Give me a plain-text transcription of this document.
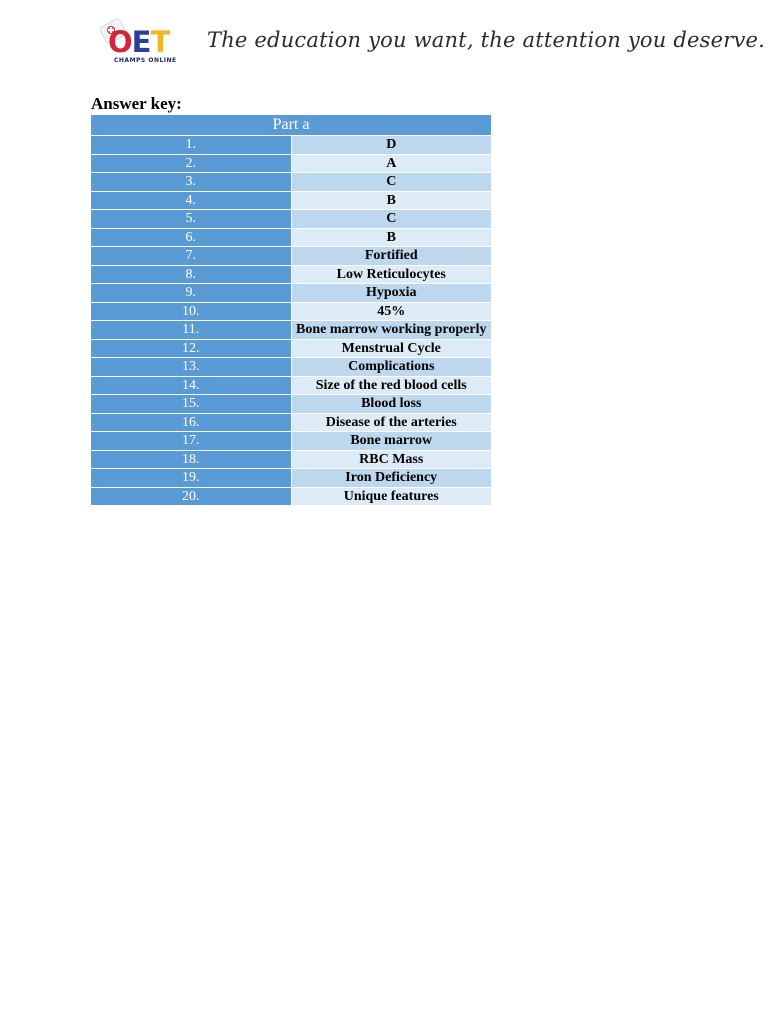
OET
CHAMPS ONLINE
The education you want, the attention you deserve.
Answer key:
Part a	
1.	D
2.	A
3.	C
4.	B
5.	C
6.	B
7.	Fortified
8.	Low Reticulocytes
9.	Hypoxia
10.	45%
11.	Bone marrow working properly
12.	Menstrual Cycle
13.	Complications
14.	Size of the red blood cells
15.	Blood loss
16.	Disease of the arteries
17.	Bone marrow
18.	RBC Mass
19.	Iron Deficiency
20.	Unique features
